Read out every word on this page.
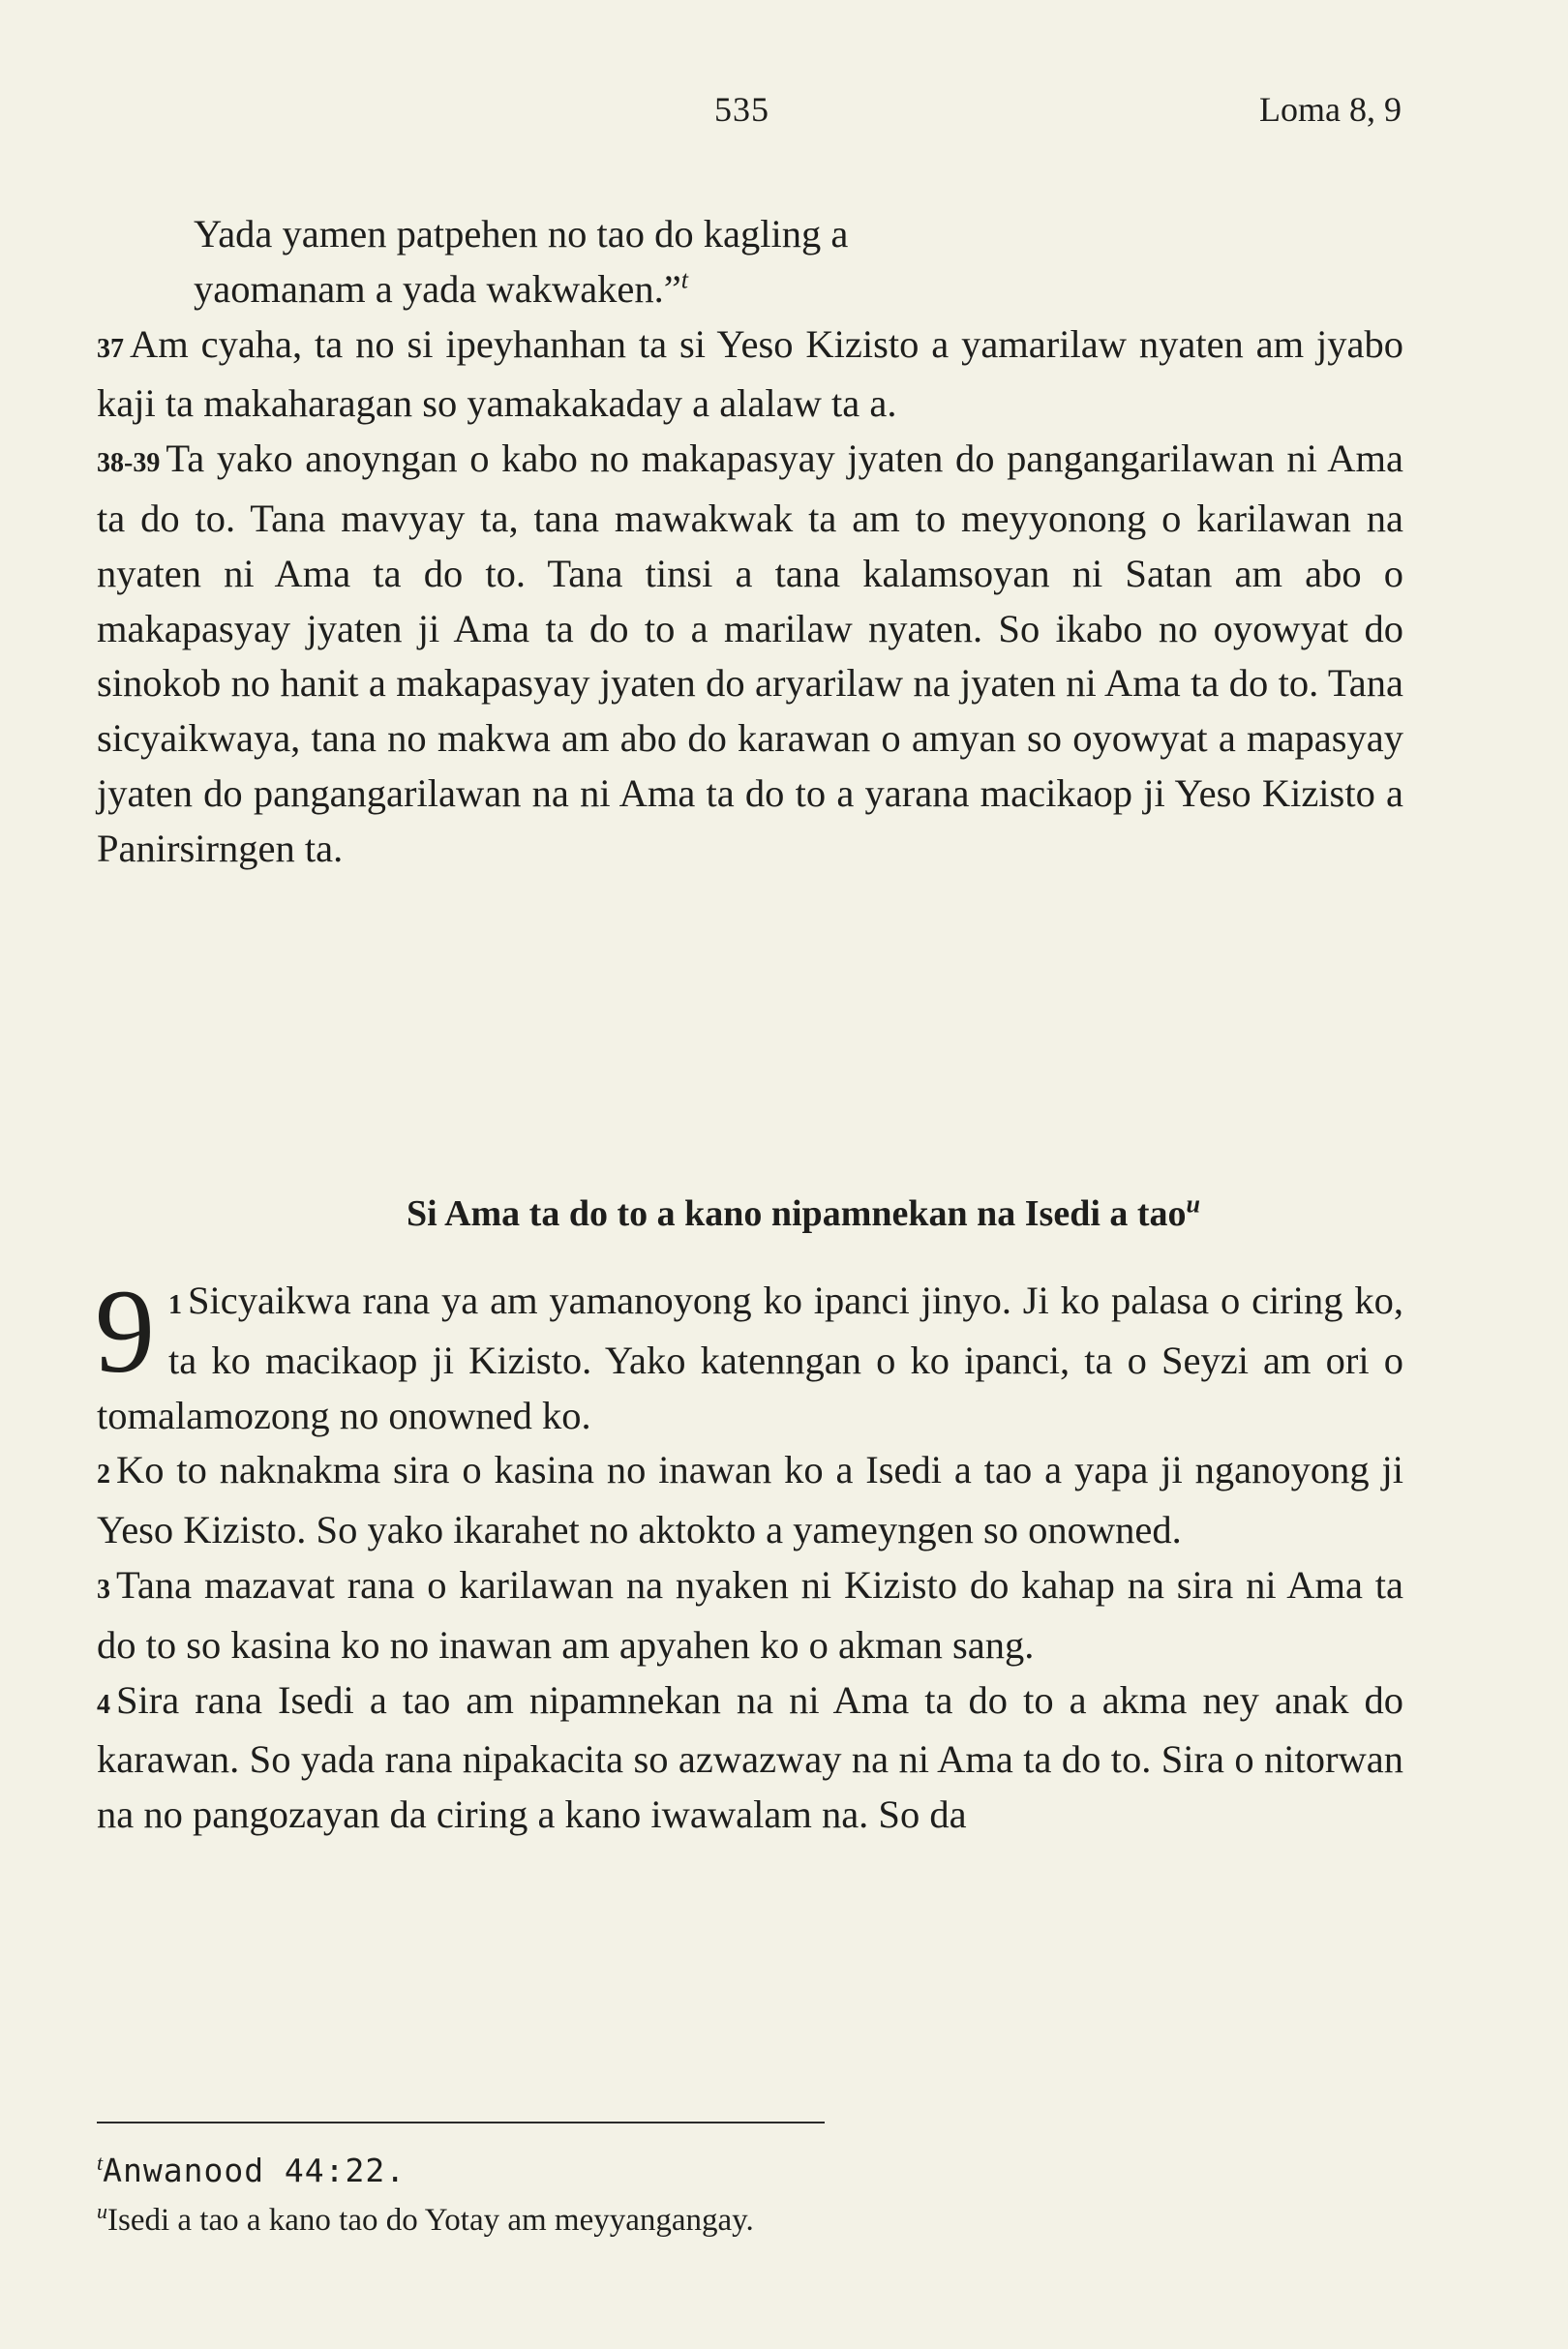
535	Loma 8, 9
Yada yamen patpehen no tao do kagling a
yaomanam a yada wakwaken.”$^t$
37 Am cyaha, ta no si ipeyhanhan ta si Yeso Kizisto a yamarilaw nyaten am jyabo kaji ta makaharagan so yamakakaday a alalaw ta a.
38-39 Ta yako anoyngan o kabo no makapasyay jyaten do pangangarilawan ni Ama ta do to. Tana mavyay ta, tana mawakwak ta am to meyyonong o karilawan na nyaten ni Ama ta do to. Tana tinsi a tana kalamsoyan ni Satan am abo o makapasyay jyaten ji Ama ta do to a marilaw nyaten. So ikabo no oyowyat do sinokob no hanit a makapasyay jyaten do aryarilaw na jyaten ni Ama ta do to. Tana sicyaikwaya, tana no makwa am abo do karawan o amyan so oyowyat a mapasyay jyaten do pangangarilawan na ni Ama ta do to a yarana macikaop ji Yeso Kizisto a Panirsirngen ta.
Si Ama ta do to a kano nipamnekan na Isedi a tao$^u$
9 1 Sicyaikwa rana ya am yamanoyong ko ipanci jinyo. Ji ko palasa o ciring ko, ta ko macikaop ji Kizisto. Yako katenngan o ko ipanci, ta o Seyzi am ori o tomalamozong no onowned ko.
2 Ko to naknakma sira o kasina no inawan ko a Isedi a tao a yapa ji nganoyong ji Yeso Kizisto. So yako ikarahet no aktokto a yameyngen so onowned.
3 Tana mazavat rana o karilawan na nyaken ni Kizisto do kahap na sira ni Ama ta do to so kasina ko no inawan am apyahen ko o akman sang.
4 Sira rana Isedi a tao am nipamnekan na ni Ama ta do to a akma ney anak do karawan. So yada rana nipakacita so azwazway na ni Ama ta do to. Sira o nitorwan na no pangozayan da ciring a kano iwawalam na. So da
$^t$Anwanood 44:22.
$^u$Isedi a tao a kano tao do Yotay am meyyangangay.
